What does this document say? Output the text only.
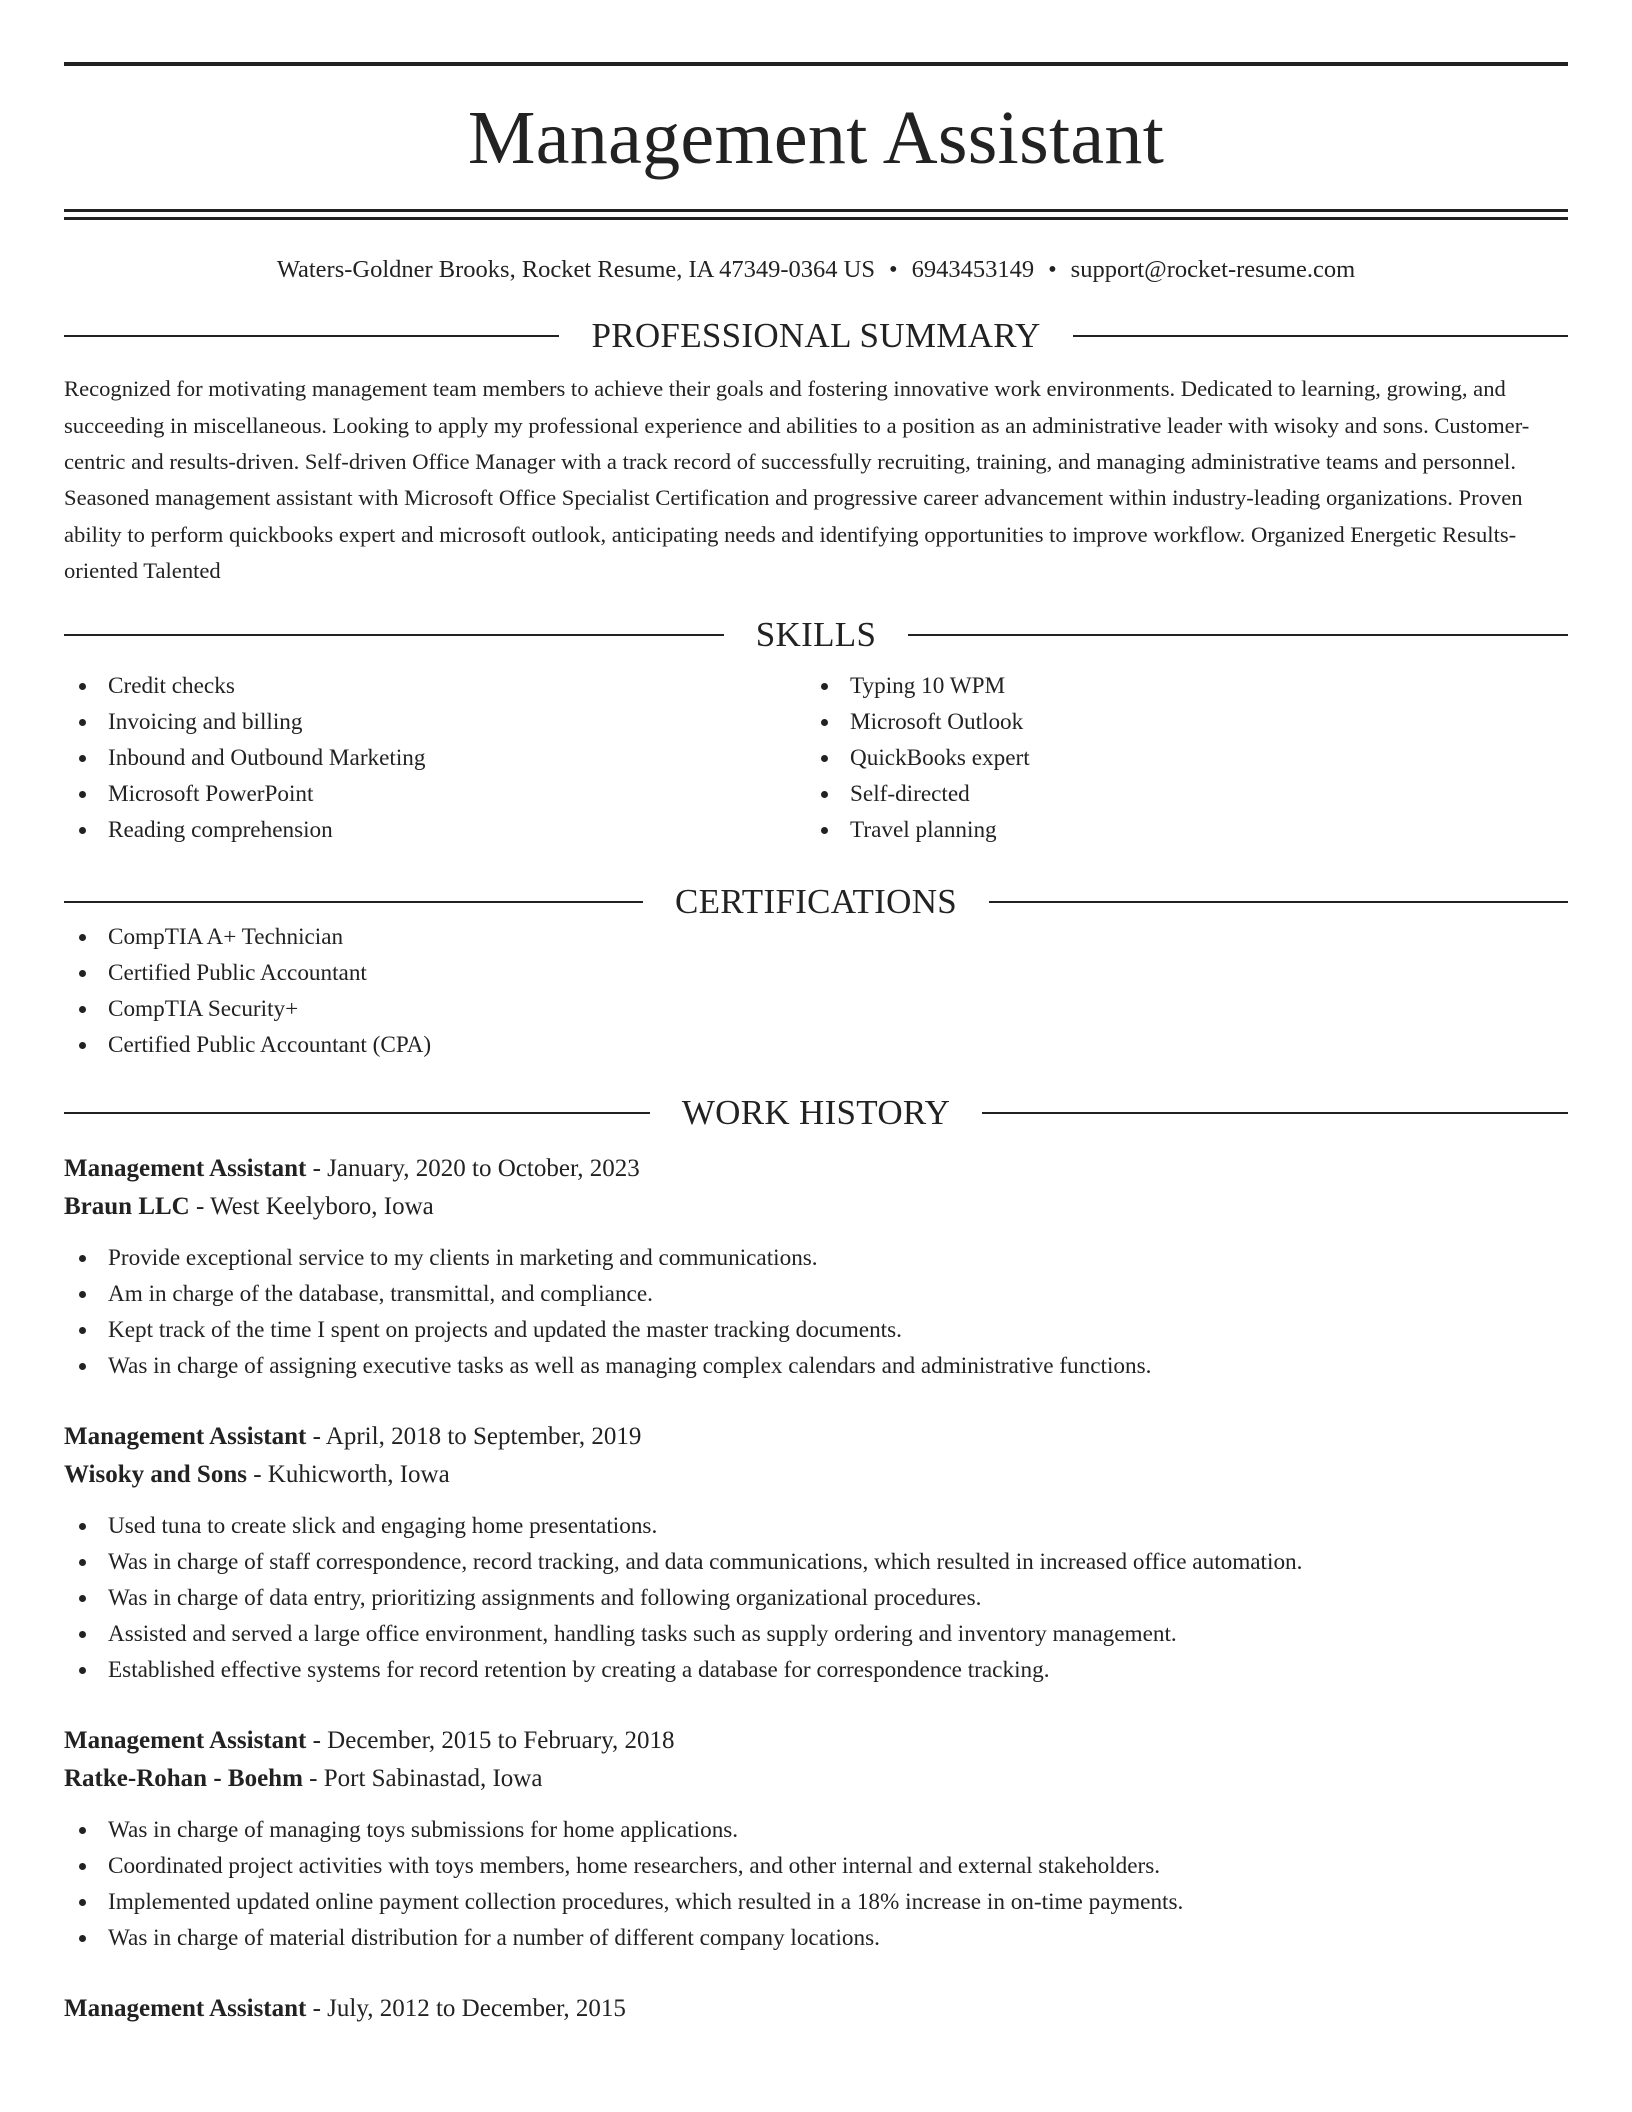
Management Assistant
Waters-Goldner Brooks, Rocket Resume, IA 47349-0364 US • 6943453149 • support@rocket-resume.com
PROFESSIONAL SUMMARY
Recognized for motivating management team members to achieve their goals and fostering innovative work environments. Dedicated to learning, growing, and succeeding in miscellaneous. Looking to apply my professional experience and abilities to a position as an administrative leader with wisoky and sons. Customer-centric and results-driven. Self-driven Office Manager with a track record of successfully recruiting, training, and managing administrative teams and personnel. Seasoned management assistant with Microsoft Office Specialist Certification and progressive career advancement within industry-leading organizations. Proven ability to perform quickbooks expert and microsoft outlook, anticipating needs and identifying opportunities to improve workflow. Organized Energetic Results-oriented Talented
SKILLS
Credit checks
Invoicing and billing
Inbound and Outbound Marketing
Microsoft PowerPoint
Reading comprehension
Typing 10 WPM
Microsoft Outlook
QuickBooks expert
Self-directed
Travel planning
CERTIFICATIONS
CompTIA A+ Technician
Certified Public Accountant
CompTIA Security+
Certified Public Accountant (CPA)
WORK HISTORY
Management Assistant - January, 2020 to October, 2023
Braun LLC - West Keelyboro, Iowa
Provide exceptional service to my clients in marketing and communications.
Am in charge of the database, transmittal, and compliance.
Kept track of the time I spent on projects and updated the master tracking documents.
Was in charge of assigning executive tasks as well as managing complex calendars and administrative functions.
Management Assistant - April, 2018 to September, 2019
Wisoky and Sons - Kuhicworth, Iowa
Used tuna to create slick and engaging home presentations.
Was in charge of staff correspondence, record tracking, and data communications, which resulted in increased office automation.
Was in charge of data entry, prioritizing assignments and following organizational procedures.
Assisted and served a large office environment, handling tasks such as supply ordering and inventory management.
Established effective systems for record retention by creating a database for correspondence tracking.
Management Assistant - December, 2015 to February, 2018
Ratke-Rohan - Boehm - Port Sabinastad, Iowa
Was in charge of managing toys submissions for home applications.
Coordinated project activities with toys members, home researchers, and other internal and external stakeholders.
Implemented updated online payment collection procedures, which resulted in a 18% increase in on-time payments.
Was in charge of material distribution for a number of different company locations.
Management Assistant - July, 2012 to December, 2015
